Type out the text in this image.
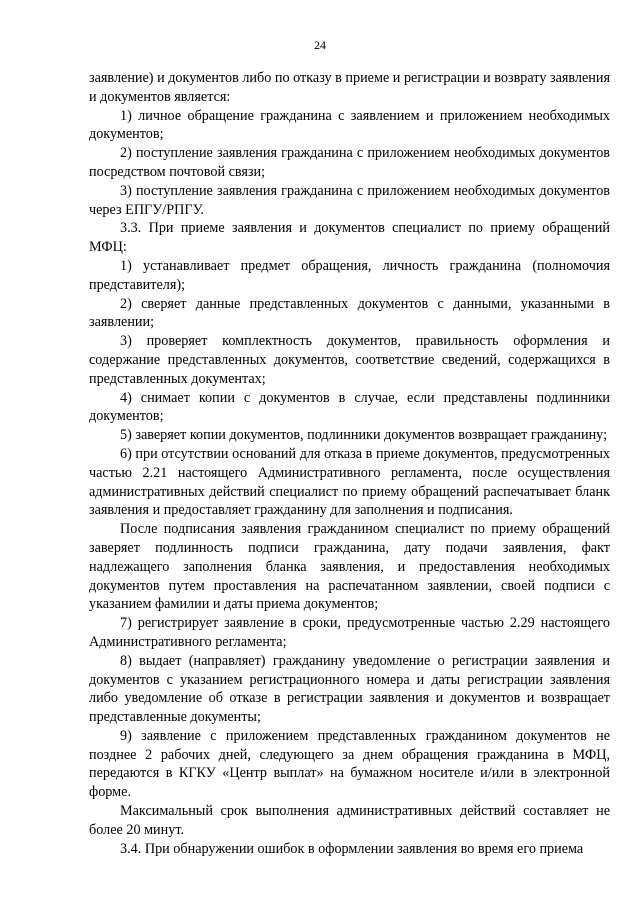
24

заявление) и документов либо по отказу в приеме и регистрации и возврату заявления и документов является:

1) личное обращение гражданина с заявлением и приложением необходимых документов;

2) поступление заявления гражданина с приложением необходимых документов посредством почтовой связи;

3) поступление заявления гражданина с приложением необходимых документов через ЕПГУ/РПГУ.

3.3. При приеме заявления и документов специалист по приему обращений МФЦ:

1) устанавливает предмет обращения, личность гражданина (полномочия представителя);

2) сверяет данные представленных документов с данными, указанными в заявлении;

3) проверяет комплектность документов, правильность оформления и содержание представленных документов, соответствие сведений, содержащихся в представленных документах;

4) снимает копии с документов в случае, если представлены подлинники документов;

5) заверяет копии документов, подлинники документов возвращает гражданину;

6) при отсутствии оснований для отказа в приеме документов, предусмотренных частью 2.21 настоящего Административного регламента, после осуществления административных действий специалист по приему обращений распечатывает бланк заявления и предоставляет гражданину для заполнения и подписания.

После подписания заявления гражданином специалист по приему обращений заверяет подлинность подписи гражданина, дату подачи заявления, факт надлежащего заполнения бланка заявления, и предоставления необходимых документов путем проставления на распечатанном заявлении, своей подписи с указанием фамилии и даты приема документов;

7) регистрирует заявление в сроки, предусмотренные частью 2.29 настоящего Административного регламента;

8) выдает (направляет) гражданину уведомление о регистрации заявления и документов с указанием регистрационного номера и даты регистрации заявления либо уведомление об отказе в регистрации заявления и документов и возвращает представленные документы;

9) заявление с приложением представленных гражданином документов не позднее 2 рабочих дней, следующего за днем обращения гражданина в МФЦ, передаются в КГКУ «Центр выплат» на бумажном носителе и/или в электронной форме.

Максимальный срок выполнения административных действий составляет не более 20 минут.

3.4. При обнаружении ошибок в оформлении заявления во время его приема
